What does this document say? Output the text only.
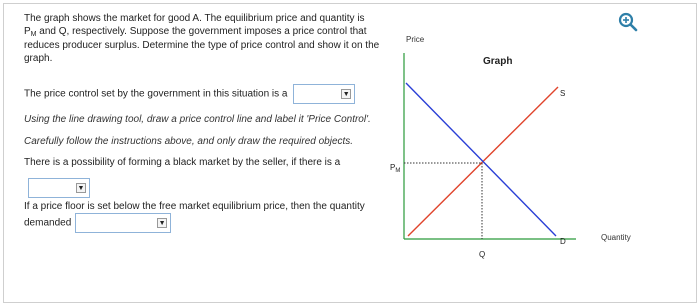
The graph shows the market for good A. The equilibrium price and quantity is

$P_M$ and Q, respectively. Suppose the government imposes a price control that

reduces producer surplus. Determine the type of price control and show it on the

graph.

The price control set by the government in this situation is a	▼
Using the line drawing tool, draw a price control line and label it 'Price Control'.
Carefully follow the instructions above, and only draw the required objects.
There is a possibility of forming a black market by the seller, if there is a
▼

If a price floor is set below the free market equilibrium price, then the quantity

demanded	▼

Price
Graph
S
D
$P_M$
Q
Quantity
